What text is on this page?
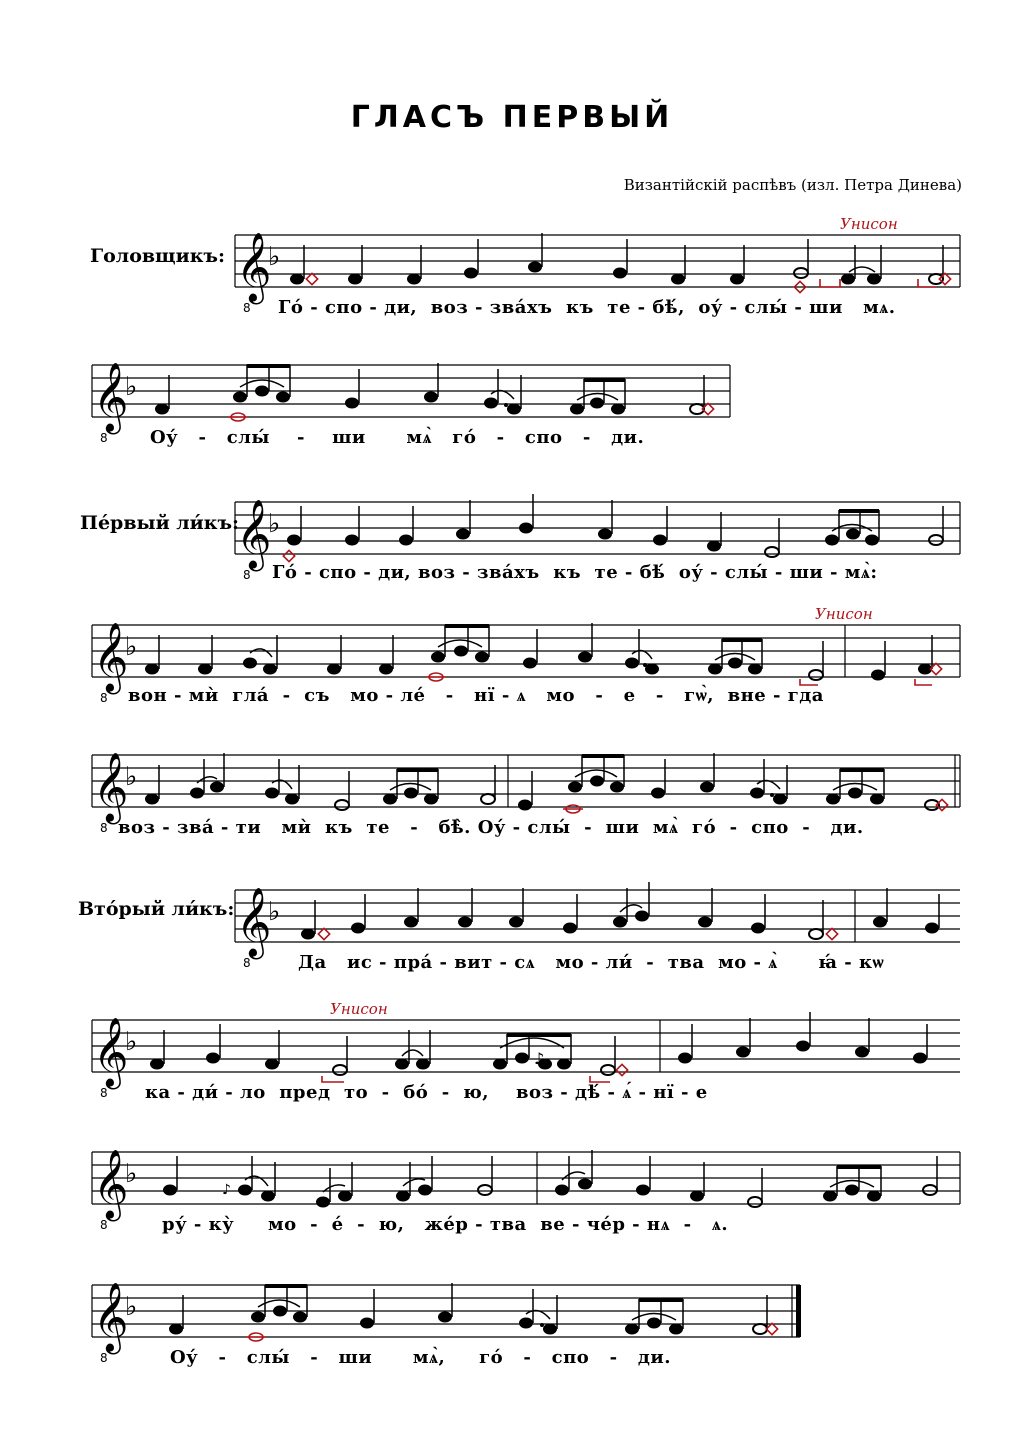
ГЛАСЪ ПЕРВЫЙ
Византійскій распѣвъ (изл. Петра Динева)
Головщикъ:
Унисон
𝄞
8
♭
Го́ - спо - ди,  воз - зва́хъ  къ  те - бѣ́,  оу́ - слы́ - ши   мѧ.
𝄞
8
♭
Оу́   -   слы́    -    ши      мѧ̀   го́   -   спо   -   ди.
Пе́рвый ли́къ:
𝄞
8
♭
Го́ - спо - ди, воз - зва́хъ  къ  те - бѣ́  оу́ - слы́ - ши - мѧ̀:
Унисон
𝄞
8
♭
вон - мѝ  гла́  -  съ   мо - ле́   -   нї - ѧ   мо   -   е   -   гѡ̀,  вне - гда
𝄞
8
♭
воз - зва́ - ти   мѝ  къ  те   -   бѣ̀. Оу́ - слы́  -  ши  мѧ̀  го́  -  спо  -   ди.
Вто́рый ли́къ: 𝄞
8
♭
Да   ис - пра́ - вит - сѧ   мо - ли́  -  тва  мо - ѧ̀      ꙗ́ - кѡ
Унисон
𝄞
8
♭
♪
ка - ди́ - ло  пред  то  -  бо́  -  ю,    воз - дѣ́ - ѧ́ - нї - е
𝄞
8
♭
♪
ру́ - ку̀     мо  -  е́  -  ю,   же́р - тва  ве - че́р - нѧ  -   ѧ.
𝄞
8
♭
Оу́   -   слы́   -   ши      мѧ̀,     го́   -   спо   -   ди.
